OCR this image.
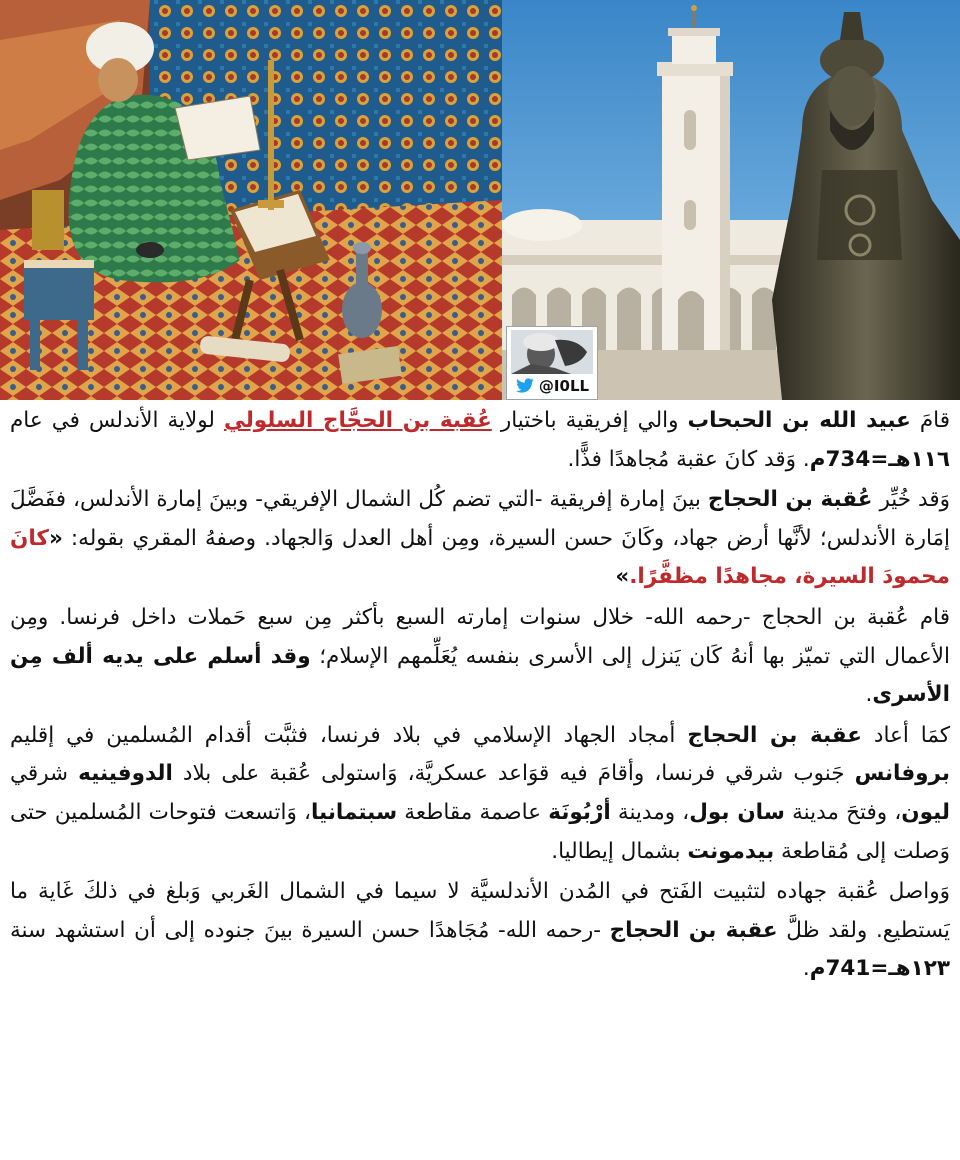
@I0LL

قامَ عبيد الله بن الحبحاب والي إفريقية باختيار عُقبة بن الحجَّاج السلولي لولاية الأندلس في عام ١١٦هـ=734م. وَقد كانَ عقبة مُجاهدًا فذًّا.

وَقد خُيِّر عُقبة بن الحجاج بينَ إمارة إفريقية -التي تضم كُل الشمال الإفريقي- وبينَ إمارة الأندلس، ففَضَّلَ إمَارة الأندلس؛ لأنَّها أرض جهاد، وكَانَ حسن السيرة، ومِن أهل العدل وَالجهاد. وصفهُ المقري بقوله: «كانَ محمودَ السيرة، مجاهدًا مظفَّرًا.»

قام عُقبة بن الحجاج -رحمه الله- خلال سنوات إمارته السبع بأكثر مِن سبع حَملات داخل فرنسا. ومِن الأعمال التي تميّز بها أنهُ كَان يَنزل إلى الأسرى بنفسه يُعَلِّمهم الإسلام؛ وقد أسلم على يديه ألف مِن الأسرى.

كمَا أعاد عقبة بن الحجاج أمجاد الجهاد الإسلامي في بلاد فرنسا، فثبَّت أقدام المُسلمين في إقليم بروفانس جَنوب شرقي فرنسا، وأقامَ فيه قوَاعد عسكريَّة، وَاستولى عُقبة على بلاد الدوفينيه شرقي ليون، وفتحَ مدينة سان بول، ومدينة أرْبُونَة عاصمة مقاطعة سبتمانيا، وَاتسعت فتوحات المُسلمين حتى وَصلت إلى مُقاطعة بيدمونت بشمال إيطاليا.

وَواصل عُقبة جهاده لتثبيت الفَتح في المُدن الأندلسيَّة لا سيما في الشمال الغَربي وَبلغ في ذلكَ غَاية ما يَستطيع. ولقد ظلَّ عقبة بن الحجاج -رحمه الله- مُجَاهدًا حسن السيرة بينَ جنوده إلى أن استشهد سنة ١٢٣هـ=741م.
